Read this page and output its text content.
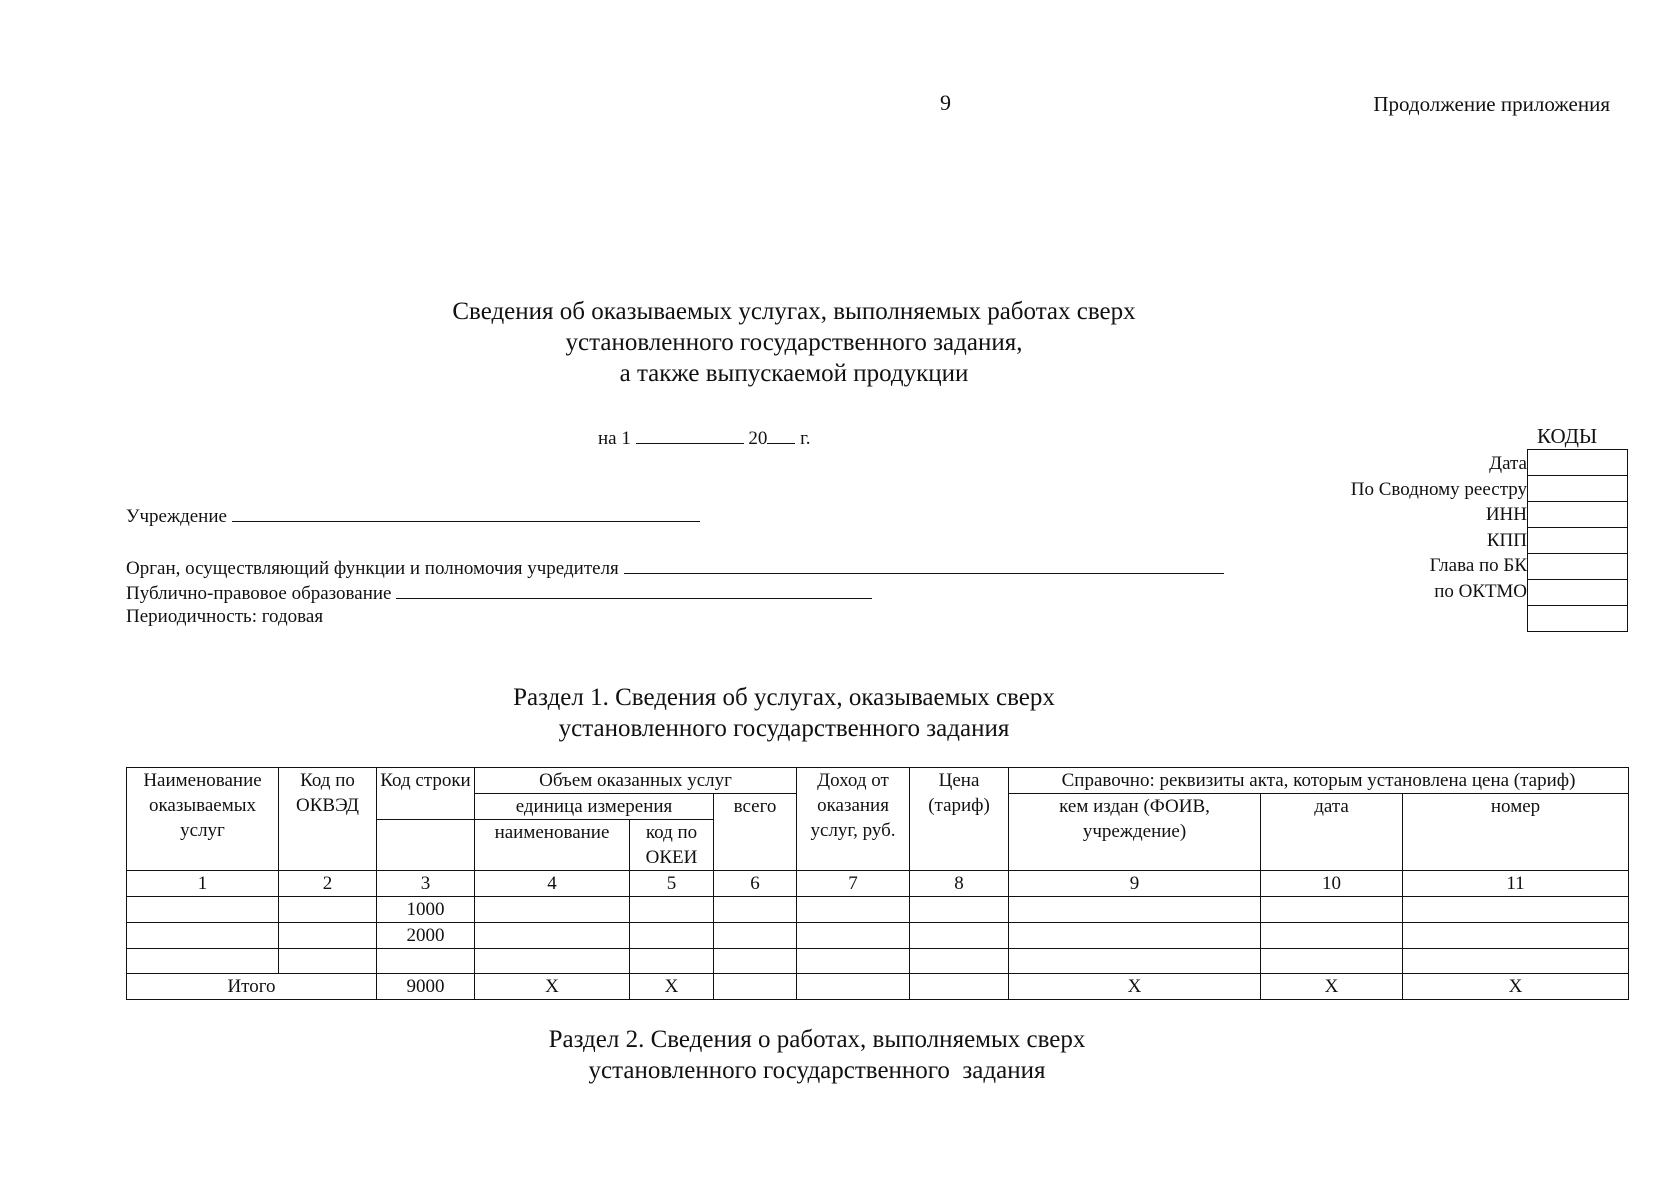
9	Продолжение приложения
Сведения об оказываемых услугах, выполняемых работах сверх
установленного государственного задания,
а также выпускаемой продукции
на 1	20 г.
Учреждение
Орган, осуществляющий функции и полномочия учредителя
Публично-правовое образование
Периодичность: годовая
КОДЫ
Дата
По Сводному реестру
ИНН
КПП
Глава по БК
по ОКТМО
Раздел 1. Сведения об услугах, оказываемых сверх
установленного государственного задания
Наименование оказываемых услуг	Код по ОКВЭД	Код строки	Объем оказанных услуг			Доход от оказания услуг, руб.	Цена (тариф)	Справочно: реквизиты акта, которым установлена цена (тариф)		
			единица измерения		всего			кем издан (ФОИВ, учреждение)	дата	номер
			наименование	код по ОКЕИ						
1	2	3	4	5	6	7	8	9	10	11
		1000								
		2000								

Итого		9000	X	X				X	X	X
Раздел 2. Сведения о работах, выполняемых сверх
установленного государственного  задания
